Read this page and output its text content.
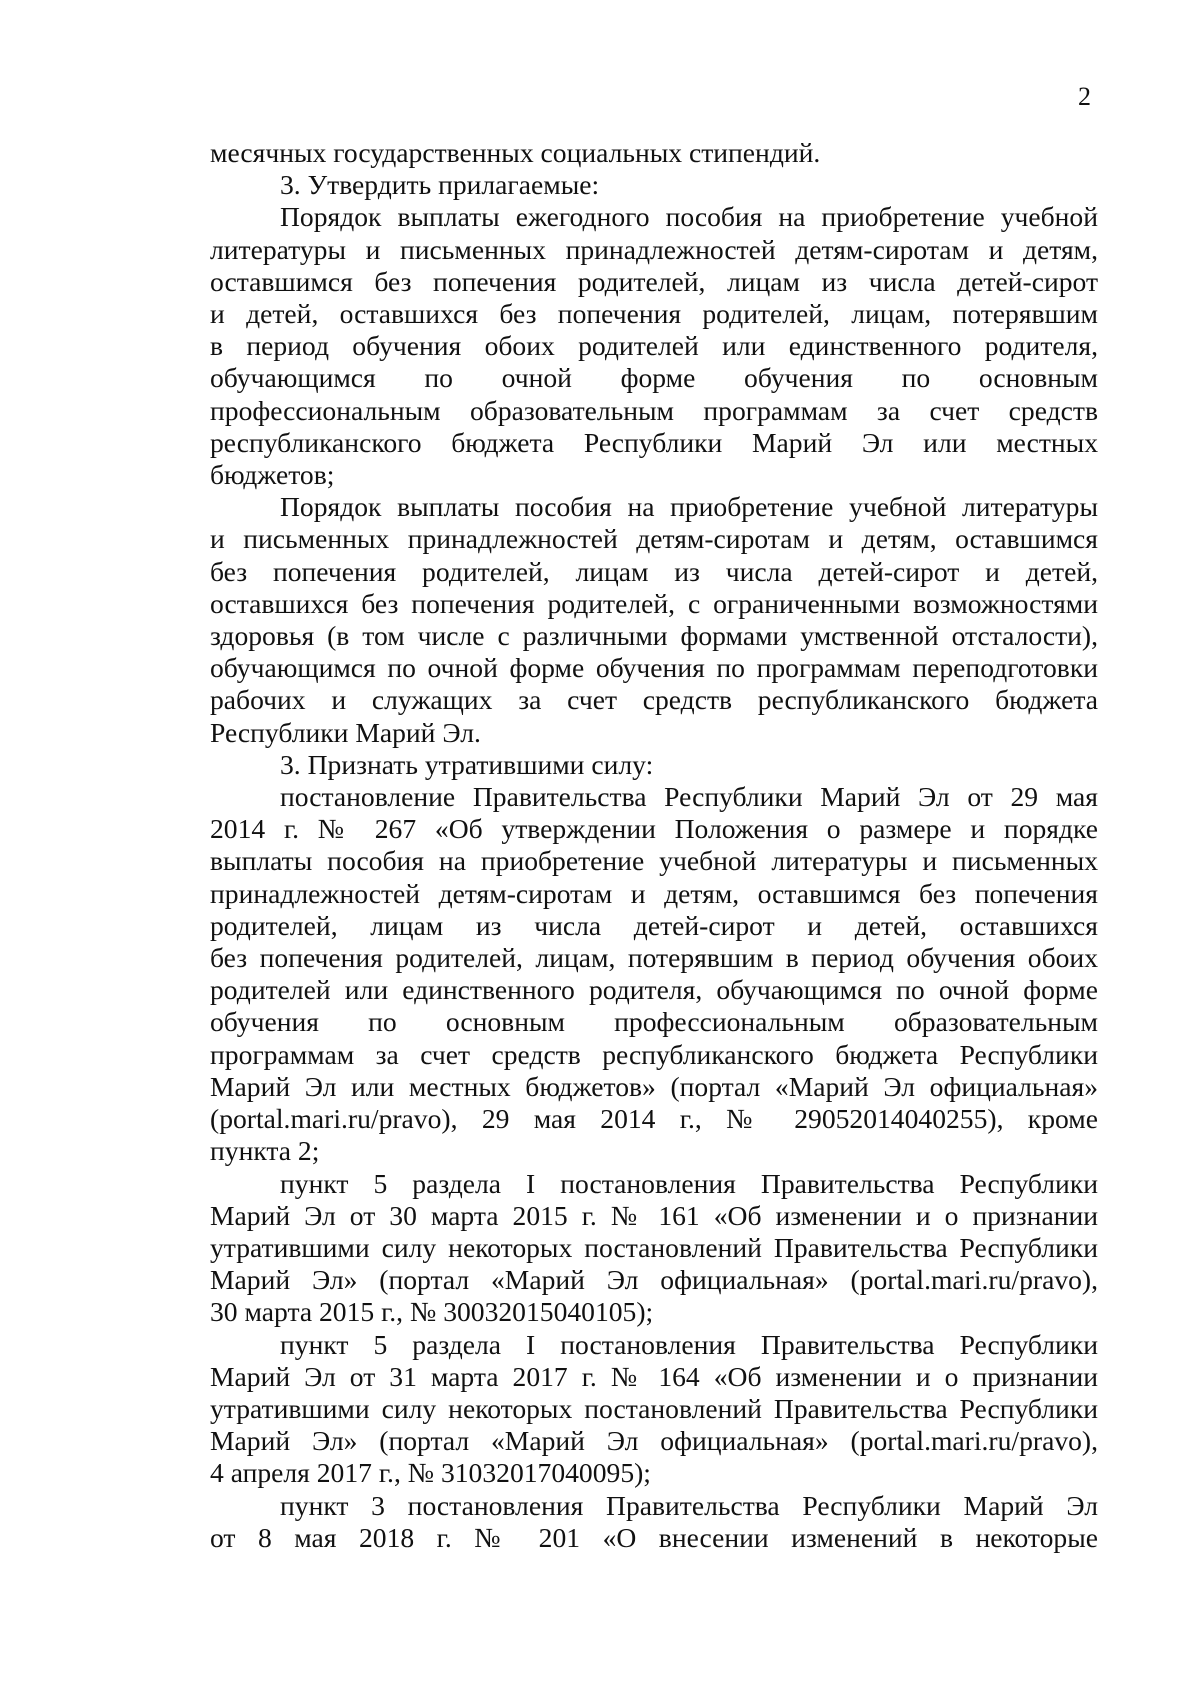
2
месячных государственных социальных стипендий.
3. Утвердить прилагаемые:
Порядок выплаты ежегодного пособия на приобретение учебной
литературы и письменных принадлежностей детям-сиротам и детям,
оставшимся без попечения родителей, лицам из числа детей-сирот
и детей, оставшихся без попечения родителей, лицам, потерявшим
в период обучения обоих родителей или единственного родителя,
обучающимся по очной форме обучения по основным
профессиональным образовательным программам за счет средств
республиканского бюджета Республики Марий Эл или местных
бюджетов;
Порядок выплаты пособия на приобретение учебной литературы
и письменных принадлежностей детям-сиротам и детям, оставшимся
без попечения родителей, лицам из числа детей-сирот и детей,
оставшихся без попечения родителей, с ограниченными возможностями
здоровья (в том числе с различными формами умственной отсталости),
обучающимся по очной форме обучения по программам переподготовки
рабочих и служащих за счет средств республиканского бюджета
Республики Марий Эл.
3. Признать утратившими силу:
постановление Правительства Республики Марий Эл от 29 мая
2014 г. № 267 «Об утверждении Положения о размере и порядке
выплаты пособия на приобретение учебной литературы и письменных
принадлежностей детям-сиротам и детям, оставшимся без попечения
родителей, лицам из числа детей-сирот и детей, оставшихся
без попечения родителей, лицам, потерявшим в период обучения обоих
родителей или единственного родителя, обучающимся по очной форме
обучения по основным профессиональным образовательным
программам за счет средств республиканского бюджета Республики
Марий Эл или местных бюджетов» (портал «Марий Эл официальная»
(portal.mari.ru/pravo), 29 мая 2014 г., № 29052014040255), кроме
пункта 2;
пункт 5 раздела I постановления Правительства Республики
Марий Эл от 30 марта 2015 г. № 161 «Об изменении и о признании
утратившими силу некоторых постановлений Правительства Республики
Марий Эл» (портал «Марий Эл официальная» (portal.mari.ru/pravo),
30 марта 2015 г., № 30032015040105);
пункт 5 раздела I постановления Правительства Республики
Марий Эл от 31 марта 2017 г. № 164 «Об изменении и о признании
утратившими силу некоторых постановлений Правительства Республики
Марий Эл» (портал «Марий Эл официальная» (portal.mari.ru/pravo),
4 апреля 2017 г., № 31032017040095);
пункт 3 постановления Правительства Республики Марий Эл
от 8 мая 2018 г. № 201 «О внесении изменений в некоторые
